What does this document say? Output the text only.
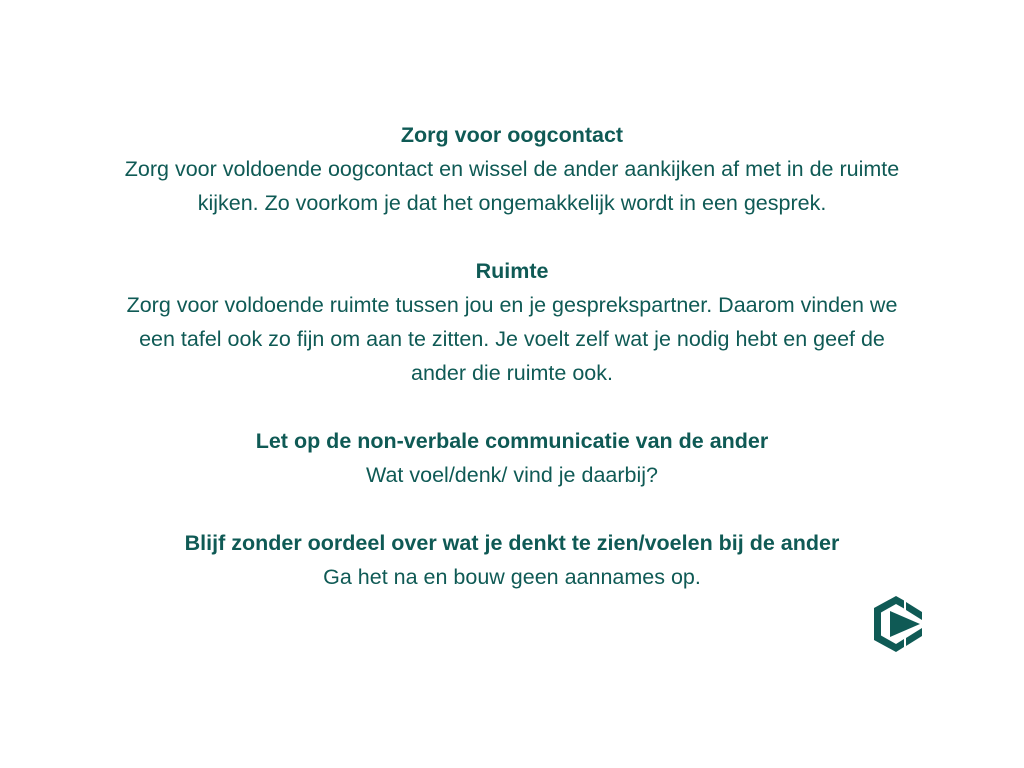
Zorg voor oogcontact
Zorg voor voldoende oogcontact en wissel de ander aankijken af met in de ruimte
kijken. Zo voorkom je dat het ongemakkelijk wordt in een gesprek.
Ruimte
Zorg voor voldoende ruimte tussen jou en je gesprekspartner. Daarom vinden we
een tafel ook zo fijn om aan te zitten. Je voelt zelf wat je nodig hebt en geef de
ander die ruimte ook.
Let op de non-verbale communicatie van de ander
Wat voel/denk/ vind je daarbij?
Blijf zonder oordeel over wat je denkt te zien/voelen bij de ander
Ga het na en bouw geen aannames op.
